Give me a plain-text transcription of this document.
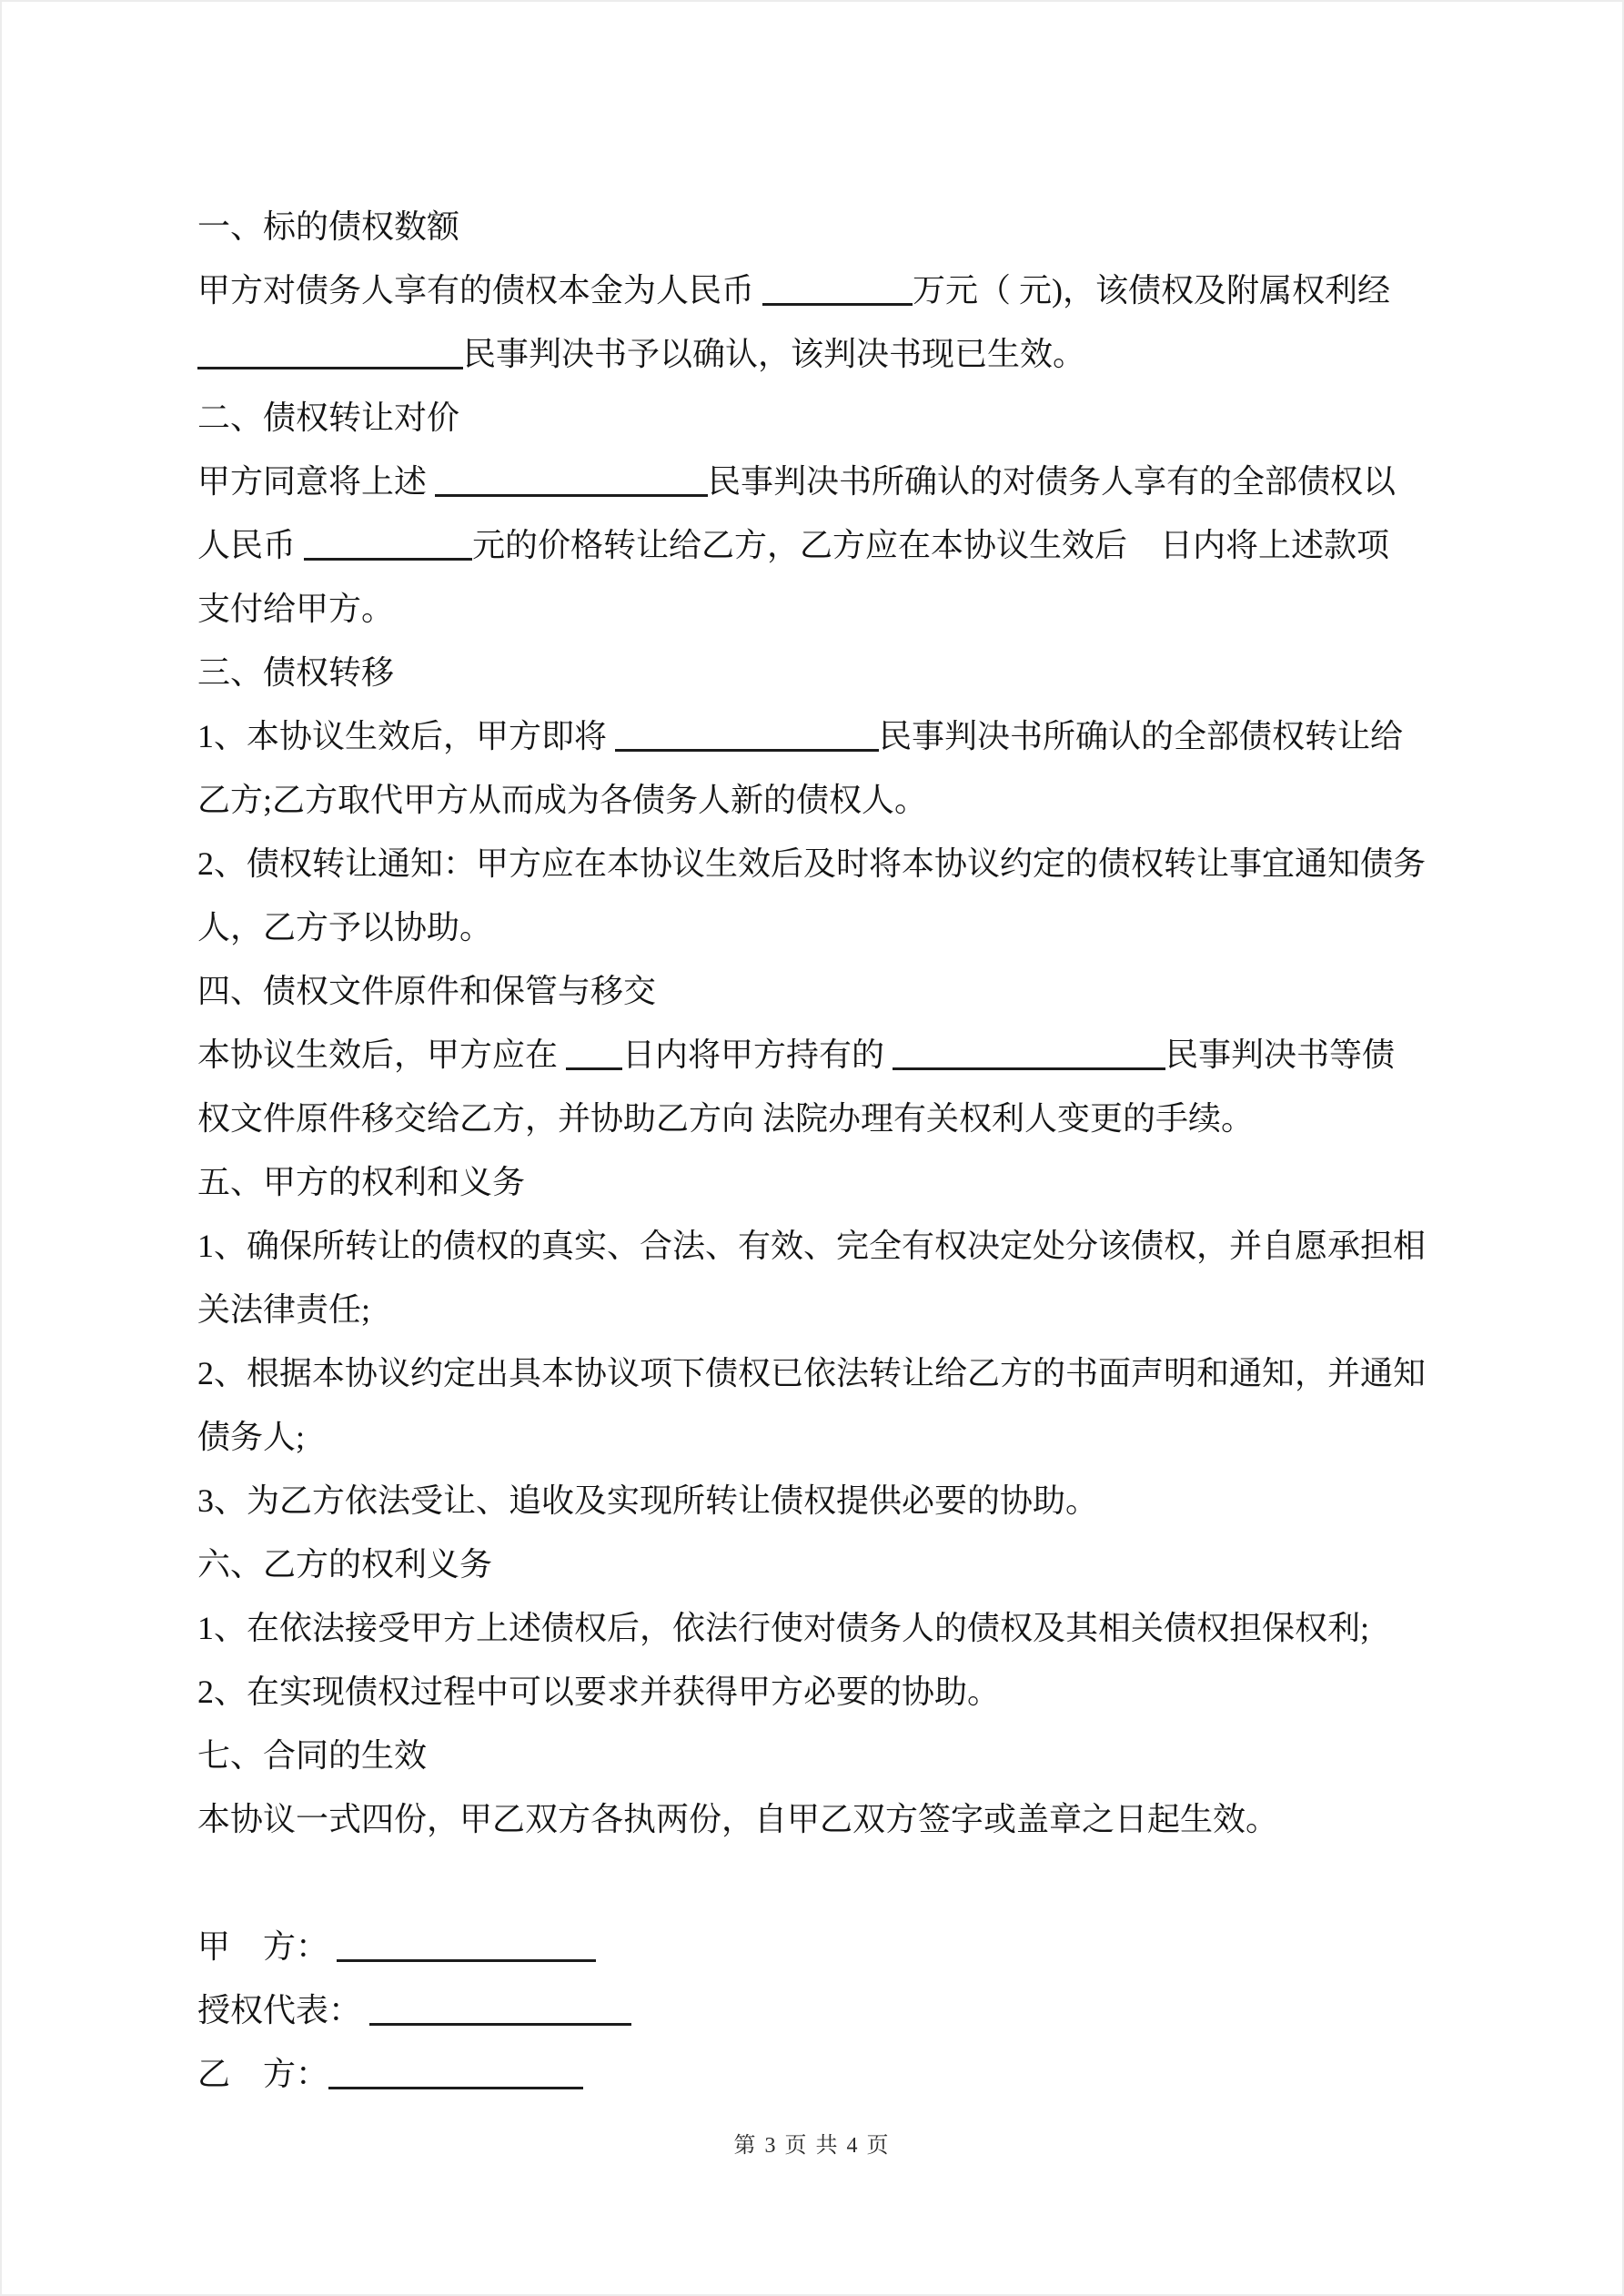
一、标的债权数额
甲方对债务人享有的债权本金为人民币	万元（ 元)，该债权及附属权利经
民事判决书予以确认，该判决书现已生效。
二、债权转让对价
甲方同意将上述	民事判决书所确认的对债务人享有的全部债权以
人民币	元的价格转让给乙方，乙方应在本协议生效后　日内将上述款项
支付给甲方。
三、债权转移
1、本协议生效后，甲方即将	民事判决书所确认的全部债权转让给
乙方;乙方取代甲方从而成为各债务人新的债权人。
2、债权转让通知：甲方应在本协议生效后及时将本协议约定的债权转让事宜通知债务
人，乙方予以协助。
四、债权文件原件和保管与移交
本协议生效后，甲方应在 日内将甲方持有的	民事判决书等债
权文件原件移交给乙方，并协助乙方向 法院办理有关权利人变更的手续。
五、甲方的权利和义务
1、确保所转让的债权的真实、合法、有效、完全有权决定处分该债权，并自愿承担相
关法律责任;
2、根据本协议约定出具本协议项下债权已依法转让给乙方的书面声明和通知，并通知
债务人;
3、为乙方依法受让、追收及实现所转让债权提供必要的协助。
六、乙方的权利义务
1、在依法接受甲方上述债权后，依法行使对债务人的债权及其相关债权担保权利;
2、在实现债权过程中可以要求并获得甲方必要的协助。
七、合同的生效
本协议一式四份，甲乙双方各执两份，自甲乙双方签字或盖章之日起生效。
甲　方：
授权代表：
乙　方：
第 3 页 共 4 页
